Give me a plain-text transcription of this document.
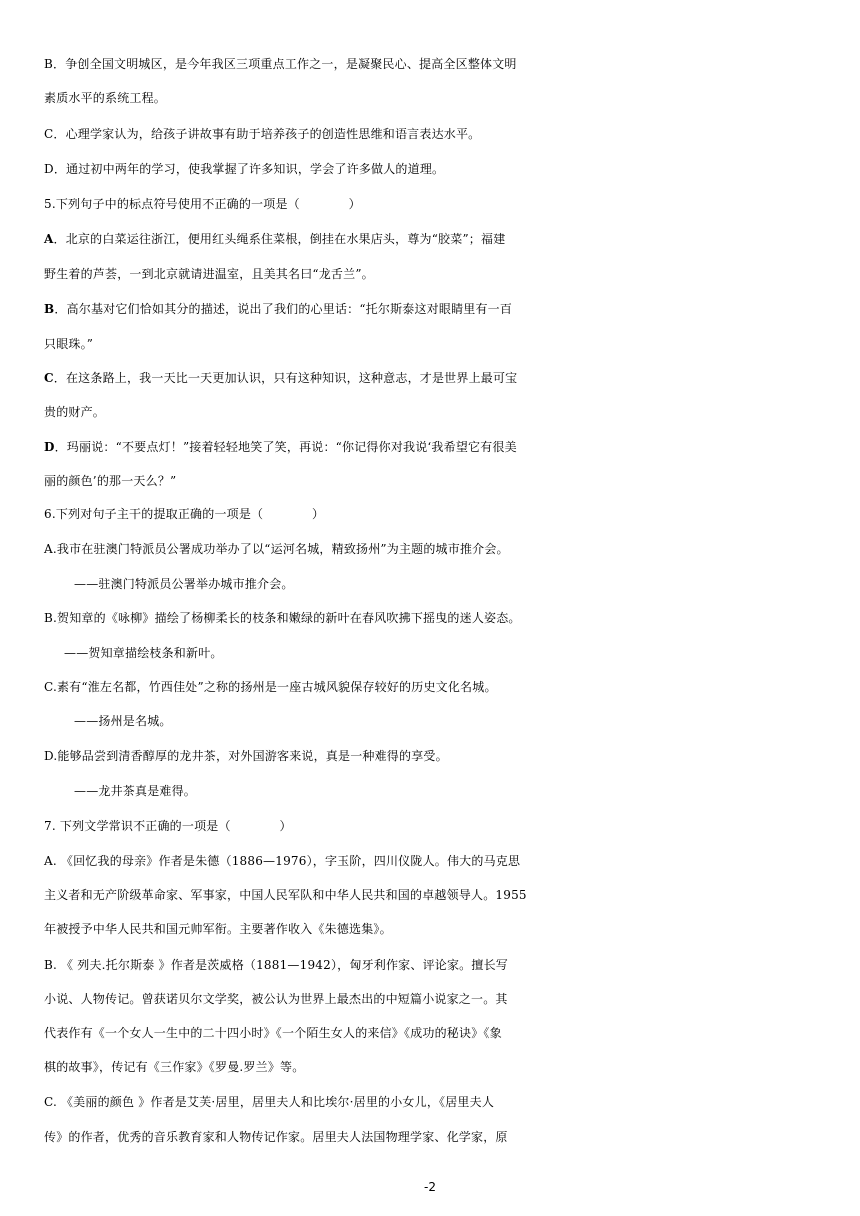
B．争创全国文明城区，是今年我区三项重点工作之一，是凝聚民心、提高全区整体文明
素质水平的系统工程。
C．心理学家认为，给孩子讲故事有助于培养孩子的创造性思维和语言表达水平。
D．通过初中两年的学习，使我掌握了许多知识，学会了许多做人的道理。
5.下列句子中的标点符号使用不正确的一项是（　　　　）
A．北京的白菜运往浙江，便用红头绳系住菜根，倒挂在水果店头，尊为“胶菜”；福建
野生着的芦荟，一到北京就请进温室，且美其名曰“龙舌兰”。
B．高尔基对它们恰如其分的描述，说出了我们的心里话：“托尔斯泰这对眼睛里有一百
只眼珠。”
C．在这条路上，我一天比一天更加认识，只有这种知识，这种意志，才是世界上最可宝
贵的财产。
D．玛丽说：“不要点灯！”接着轻轻地笑了笑，再说：“你记得你对我说‘我希望它有很美
丽的颜色’的那一天么？”
6.下列对句子主干的提取正确的一项是（　　　　）
A.我市在驻澳门特派员公署成功举办了以“运河名城，精致扬州”为主题的城市推介会。
——驻澳门特派员公署举办城市推介会。
B.贺知章的《咏柳》描绘了杨柳柔长的枝条和嫩绿的新叶在春风吹拂下摇曳的迷人姿态。
——贺知章描绘枝条和新叶。
C.素有“淮左名都，竹西佳处”之称的扬州是一座古城风貌保存较好的历史文化名城。
——扬州是名城。
D.能够品尝到清香醇厚的龙井茶，对外国游客来说，真是一种难得的享受。
——龙井茶真是难得。
7. 下列文学常识不正确的一项是（　　　　）
A. 《回忆我的母亲》作者是朱德（1886—1976），字玉阶，四川仪陇人。伟大的马克思
主义者和无产阶级革命家、军事家，中国人民军队和中华人民共和国的卓越领导人。1955
年被授予中华人民共和国元帅军衔。主要著作收入《朱德选集》。
B. 《 列夫.托尔斯泰 》作者是茨威格（1881—1942），匈牙利作家、评论家。擅长写
小说、人物传记。曾获诺贝尔文学奖，被公认为世界上最杰出的中短篇小说家之一。其
代表作有《一个女人一生中的二十四小时》《一个陌生女人的来信》《成功的秘诀》《象
棋的故事》，传记有《三作家》《罗曼.罗兰》等。
C. 《美丽的颜色 》作者是艾芙·居里，居里夫人和比埃尔·居里的小女儿，《居里夫人
传》的作者，优秀的音乐教育家和人物传记作家。居里夫人法国物理学家、化学家，原
-2
